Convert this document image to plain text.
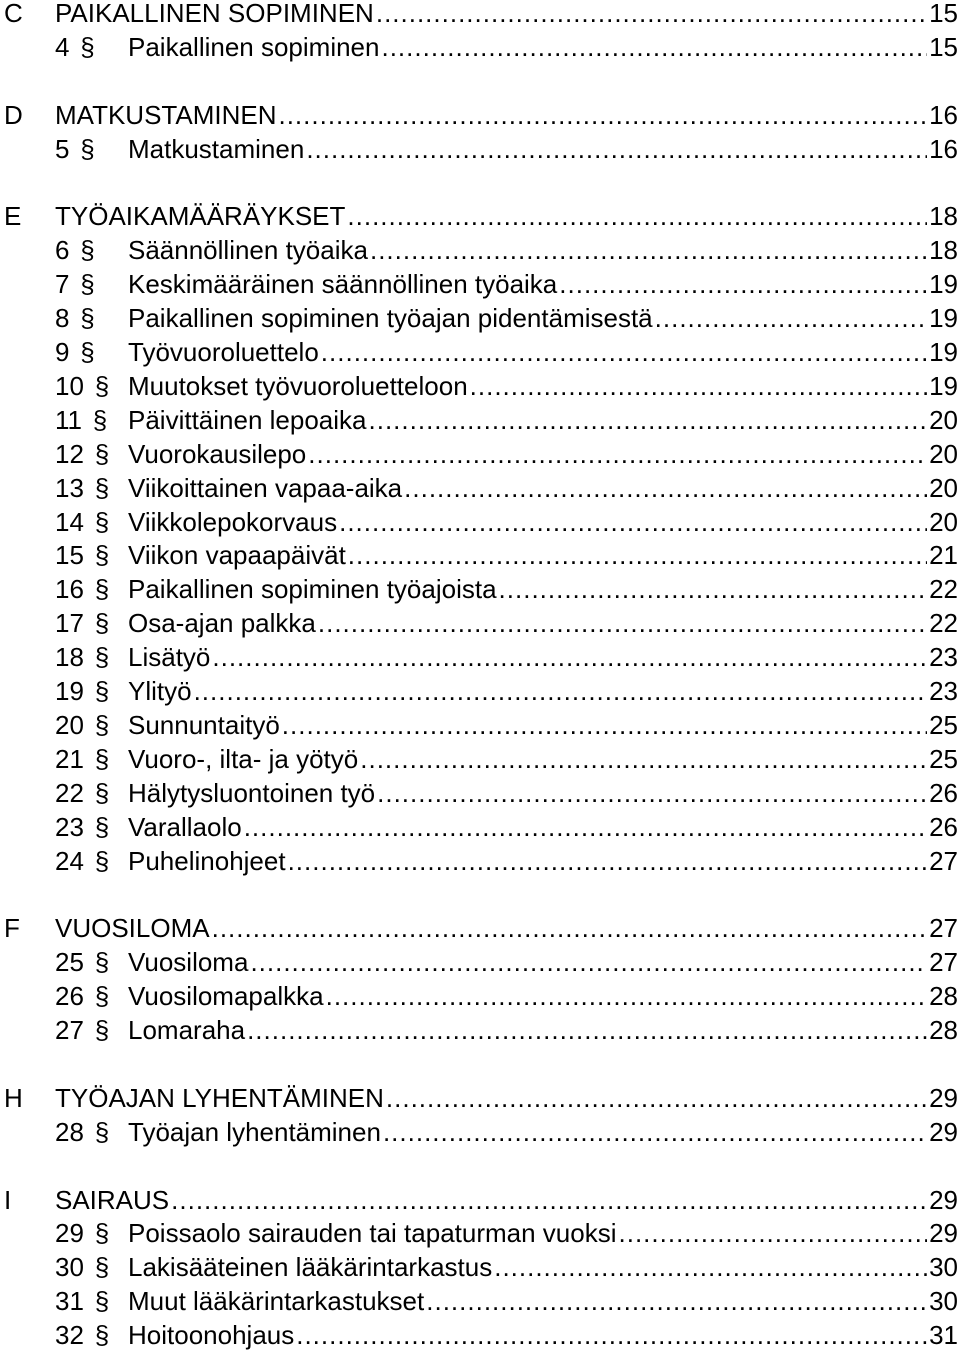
C PAIKALLINEN SOPIMINEN .....	15
4 § Paikallinen sopiminen .....	15
D MATKUSTAMINEN .....	16
5 § Matkustaminen .....	16
E TYÖAIKAMÄÄRÄYKSET .....	18
6 § Säännöllinen työaika .....	18
7 § Keskimääräinen säännöllinen työaika .....	19
8 § Paikallinen sopiminen työajan pidentämisestä .....	19
9 § Työvuoroluettelo .....	19
10 § Muutokset työvuoroluetteloon .....	19
11 § Päivittäinen lepoaika .....	20
12 § Vuorokausilepo .....	20
13 § Viikoittainen vapaa-aika .....	20
14 § Viikkolepokorvaus .....	20
15 § Viikon vapaapäivät .....	21
16 § Paikallinen sopiminen työajoista .....	22
17 § Osa-ajan palkka .....	22
18 § Lisätyö .....	23
19 § Ylityö .....	23
20 § Sunnuntaityö .....	25
21 § Vuoro-, ilta- ja yötyö .....	25
22 § Hälytysluontoinen työ .....	26
23 § Varallaolo .....	26
24 § Puhelinohjeet .....	27
F VUOSILOMA .....	27
25 § Vuosiloma .....	27
26 § Vuosilomapalkka .....	28
27 § Lomaraha .....	28
H TYÖAJAN LYHENTÄMINEN .....	29
28 § Työajan lyhentäminen .....	29
I SAIRAUS .....	29
29 § Poissaolo sairauden tai tapaturman vuoksi .....	29
30 § Lakisääteinen lääkärintarkastus .....	30
31 § Muut lääkärintarkastukset .....	30
32 § Hoitoonohjaus .....	31
